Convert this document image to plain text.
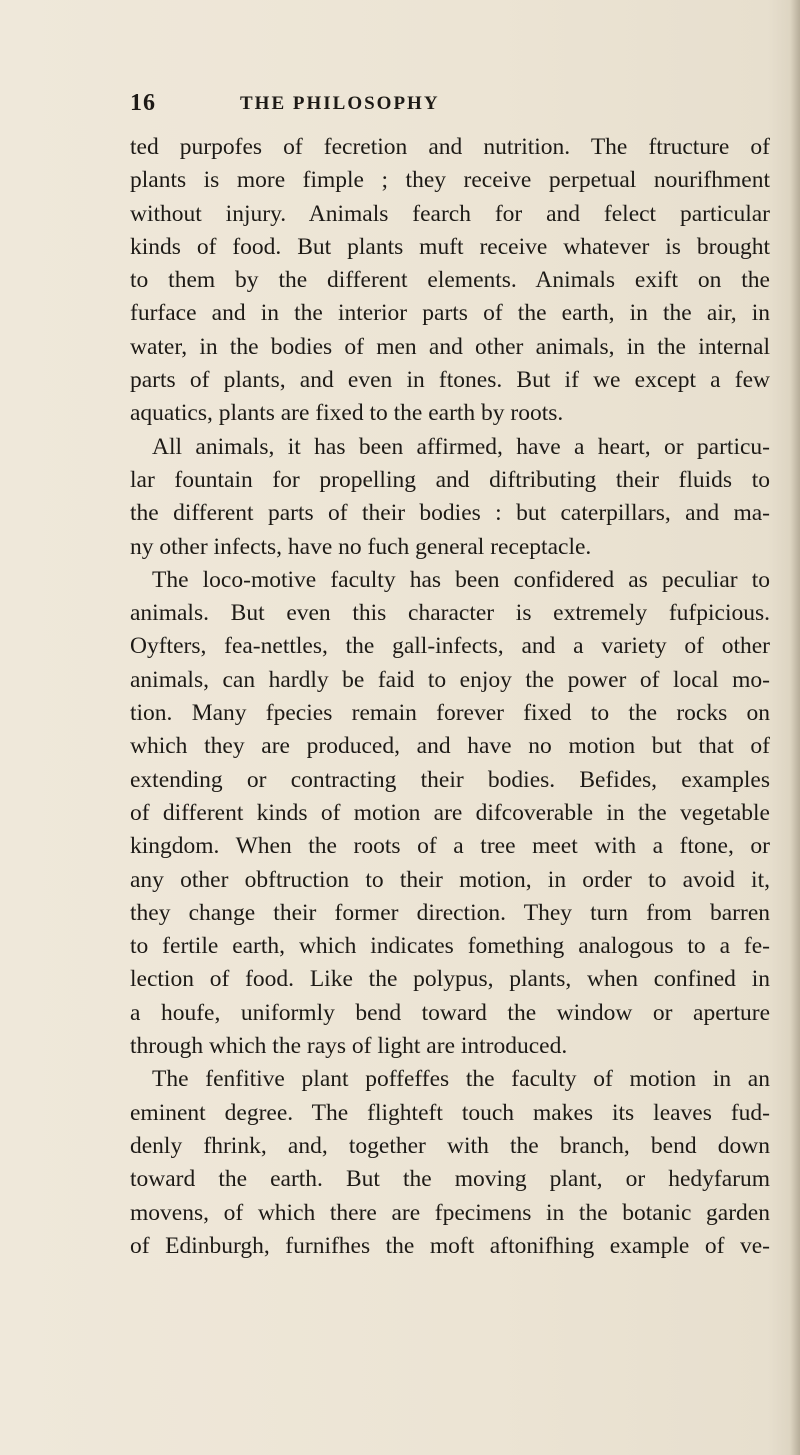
16	THE PHILOSOPHY
ted purpofes of fecretion and nutrition. The ftructure of
plants is more fimple ; they receive perpetual nourifhment
without injury. Animals fearch for and felect particular
kinds of food. But plants muft receive whatever is brought
to them by the different elements. Animals exift on the
furface and in the interior parts of the earth, in the air, in
water, in the bodies of men and other animals, in the internal
parts of plants, and even in ftones. But if we except a few
aquatics, plants are fixed to the earth by roots.
All animals, it has been affirmed, have a heart, or particu-
lar fountain for propelling and diftributing their fluids to
the different parts of their bodies : but caterpillars, and ma-
ny other infects, have no fuch general receptacle.
The loco-motive faculty has been confidered as peculiar to
animals. But even this character is extremely fufpicious.
Oyfters, fea-nettles, the gall-infects, and a variety of other
animals, can hardly be faid to enjoy the power of local mo-
tion. Many fpecies remain forever fixed to the rocks on
which they are produced, and have no motion but that of
extending or contracting their bodies. Befides, examples
of different kinds of motion are difcoverable in the vegetable
kingdom. When the roots of a tree meet with a ftone, or
any other obftruction to their motion, in order to avoid it,
they change their former direction. They turn from barren
to fertile earth, which indicates fomething analogous to a fe-
lection of food. Like the polypus, plants, when confined in
a houfe, uniformly bend toward the window or aperture
through which the rays of light are introduced.
The fenfitive plant poffeffes the faculty of motion in an
eminent degree. The flighteft touch makes its leaves fud-
denly fhrink, and, together with the branch, bend down
toward the earth. But the moving plant, or hedyfarum
movens, of which there are fpecimens in the botanic garden
of Edinburgh, furnifhes the moft aftonifhing example of ve-
